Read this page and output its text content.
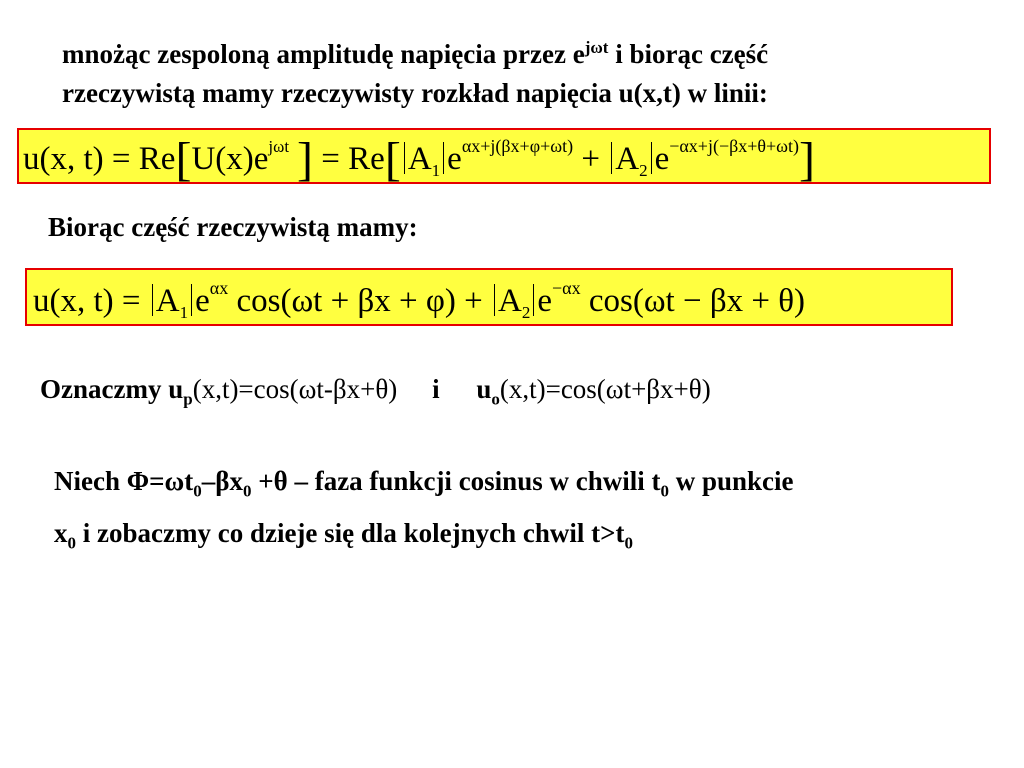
mnożąc zespoloną amplitudę napięcia przez $e^{j\omega t}$ i biorąc część
rzeczywistą mamy rzeczywisty rozkład napięcia u(x,t) w linii:
u(x, $t) = Re[U(x)e^{j\omega t}$ ] = Re[ $A_1$ $e^{\alpha x+j(\beta x+\varphi+\omega t)} + A_2$ $e^{-\alpha x+j(-\beta x+\theta+\omega t)}$]
Biorąc część rzeczywistą mamy:
u(x, $t) = A_1$ $e^{\alpha x}$ $\cos(\omega t + \beta x + \varphi) + A_2$ $e^{-\alpha x}$ cos(ωt − βx + θ)
Oznaczmy $u_p(x,t)=\cos(\omega t-\beta x+\theta)$ i $u_o(x,t)=\cos(\omega t+\beta x+\theta)$
Niech $\Phi=\omega t_0-\beta x_0 +\theta$ – faza funkcji cosinus w chwili $t_0$ w punkcie
$x_0$ i zobaczmy co dzieje się dla kolejnych chwil $t>t_0$
